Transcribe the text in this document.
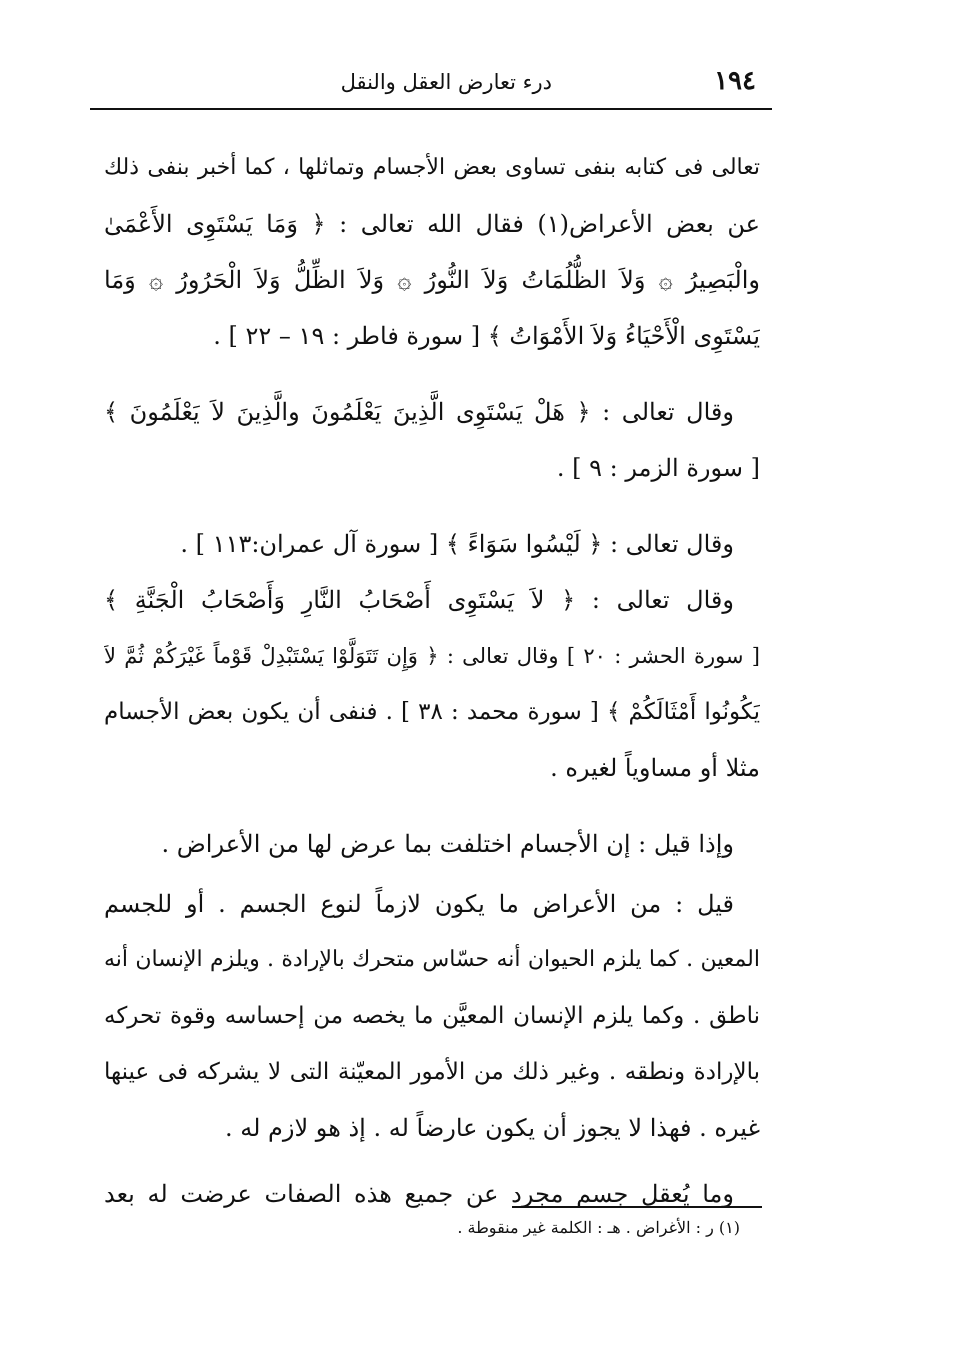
١٩٤
درء تعارض العقل والنقل
تعالى فى كتابه بنفى تساوى بعض الأجسام وتماثلها ، كما أخبر بنفى ذلك
عن بعض الأعراض(١) فقال الله تعالى : ﴿ وَمَا يَسْتَوِى الأَعْمَىٰ
والْبَصِيرُ ۞ وَلاَ الظُّلُمَاتُ وَلاَ النُّورُ ۞ وَلاَ الظِّلُّ وَلاَ الْحَرُورُ ۞ وَمَا
يَسْتَوِى الْأَحْيَاءُ وَلاَ الأَمْوَاتُ ﴾ [ سورة فاطر : ١٩ – ٢٢ ] .
وقال تعالى : ﴿ هَلْ يَسْتَوِى الَّذِينَ يَعْلَمُونَ والَّذِينَ لاَ يَعْلَمُونَ ﴾
[ سورة الزمر : ٩ ] .
وقال تعالى : ﴿ لَيْسُوا سَوَاءً ﴾ [ سورة آل عمران:١١٣ ] .
وقال تعالى : ﴿ لاَ يَسْتَوِى أَصْحَابُ النَّارِ وَأَصْحَابُ الْجَنَّةِ ﴾
[ سورة الحشر : ٢٠ ] وقال تعالى : ﴿ وَإِن تَتَوَلَّوْا يَسْتَبْدِلْ قَوْماً غَيْرَكُمْ ثُمَّ لاَ
يَكُونُوا أَمْثَالَكُمْ ﴾ [ سورة محمد : ٣٨ ] . فنفى أن يكون بعض الأجسام
مثلا أو مساوياً لغيره .
وإذا قيل : إن الأجسام اختلفت بما عرض لها من الأعراض .
قيل : من الأعراض ما يكون لازماً لنوع الجسم . أو للجسم
المعين . كما يلزم الحيوان أنه حسّاس متحرك بالإرادة . ويلزم الإنسان أنه
ناطق . وكما يلزم الإنسان المعيَّن ما يخصه من إحساسه وقوة تحركه
بالإرادة ونطقه . وغير ذلك من الأمور المعيّنة التى لا يشركه فى عينها
غيره . فهذا لا يجوز أن يكون عارضاً له . إذ هو لازم له .
وما يُعقل جسم مجرد عن جميع هذه الصفات عرضت له بعد
(١) ر : الأغراض . هـ : الكلمة غير منقوطة .
